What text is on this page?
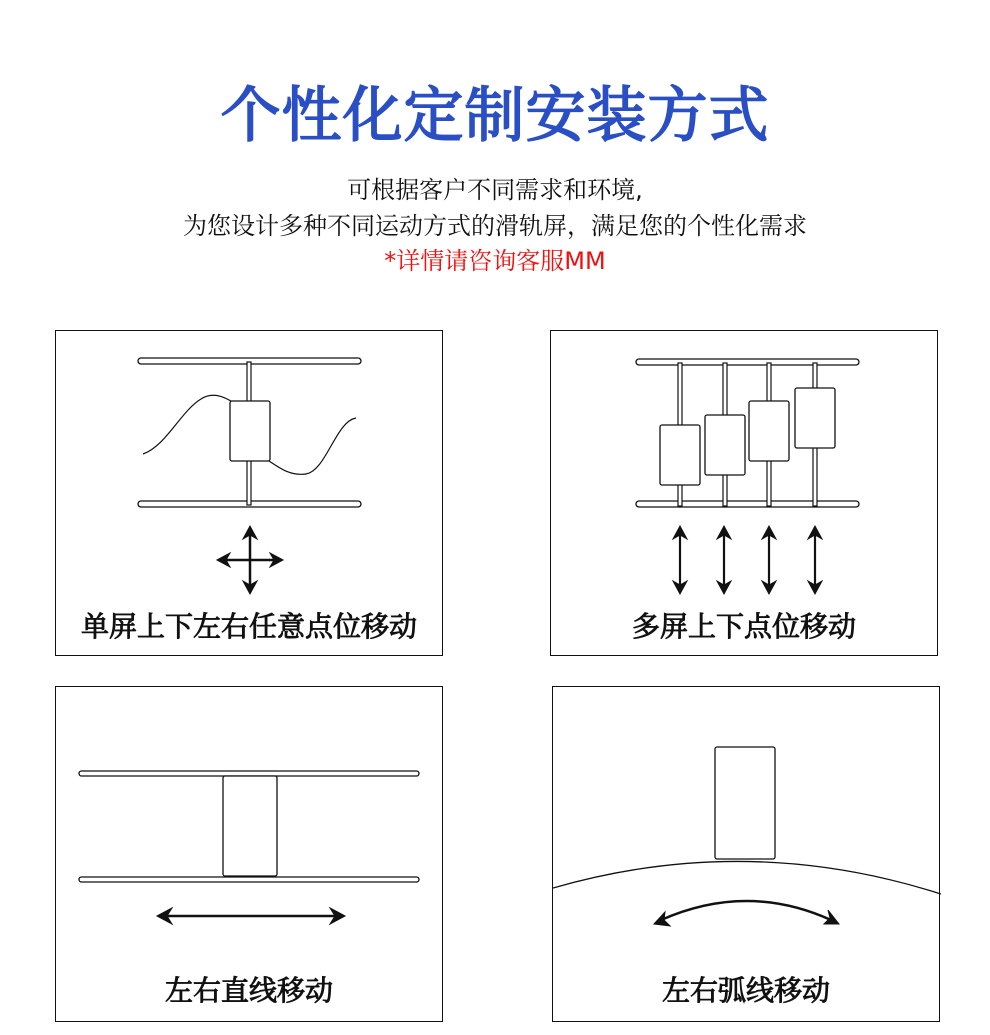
个性化定制安装方式
可根据客户不同需求和环境,
为您设计多种不同运动方式的滑轨屏，满足您的个性化需求
*详情请咨询客服MM
单屏上下左右任意点位移动	多屏上下点位移动
左右直线移动	左右弧线移动
